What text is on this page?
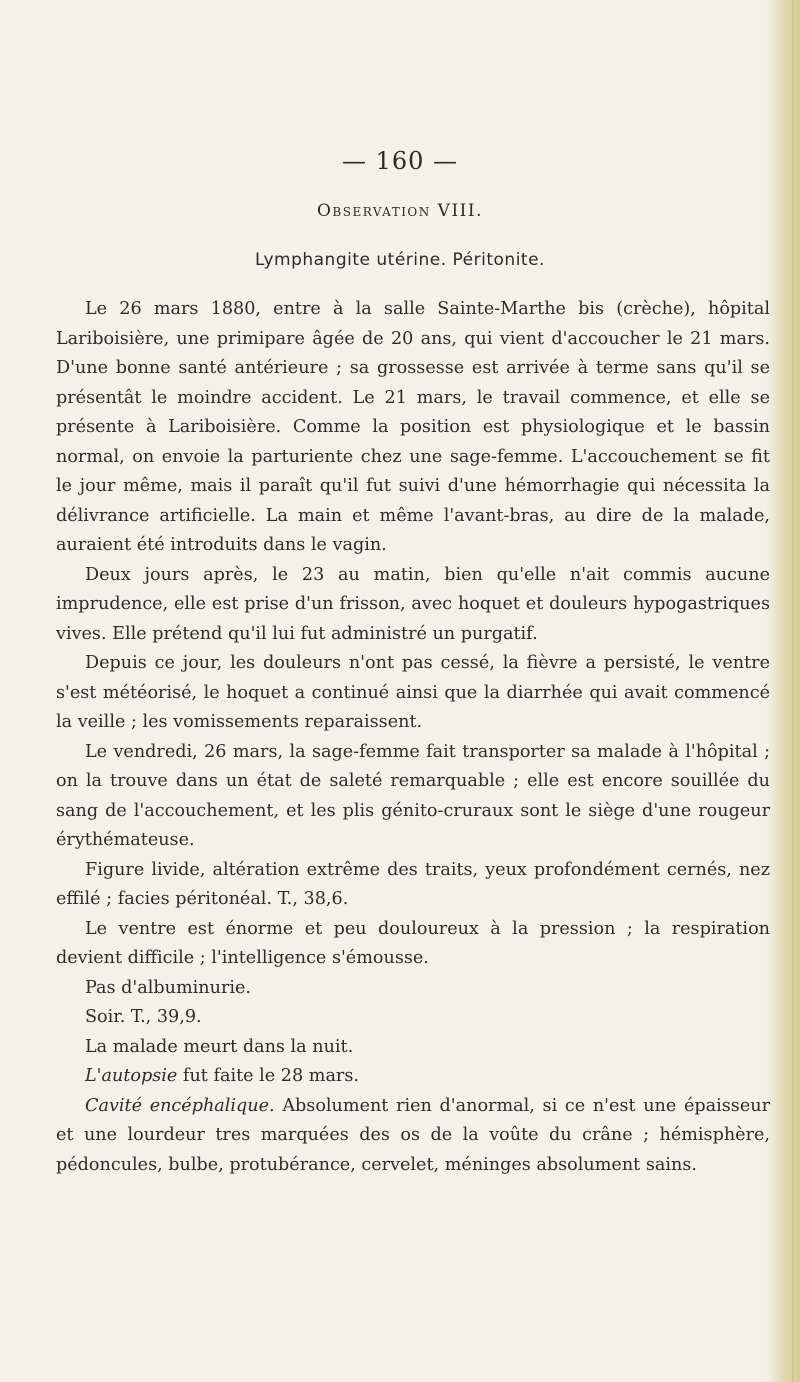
— 160 —
Observation VIII.
Lymphangite utérine. Péritonite.

Le 26 mars 1880, entre à la salle Sainte-Marthe bis (crèche), hôpital Lariboisière, une primipare âgée de 20 ans, qui vient d'accoucher le 21 mars. D'une bonne santé antérieure ; sa grossesse est arrivée à terme sans qu'il se présentât le moindre accident. Le 21 mars, le travail commence, et elle se présente à Lariboisière. Comme la position est physiologique et le bassin normal, on envoie la parturiente chez une sage-femme. L'accouchement se fit le jour même, mais il paraît qu'il fut suivi d'une hémorrhagie qui nécessita la délivrance artificielle. La main et même l'avant-bras, au dire de la malade, auraient été introduits dans le vagin.

Deux jours après, le 23 au matin, bien qu'elle n'ait commis aucune imprudence, elle est prise d'un frisson, avec hoquet et douleurs hypogastriques vives. Elle prétend qu'il lui fut administré un purgatif.

Depuis ce jour, les douleurs n'ont pas cessé, la fièvre a persisté, le ventre s'est météorisé, le hoquet a continué ainsi que la diarrhée qui avait commencé la veille ; les vomissements reparaissent.

Le vendredi, 26 mars, la sage-femme fait transporter sa malade à l'hôpital ; on la trouve dans un état de saleté remarquable ; elle est encore souillée du sang de l'accouchement, et les plis génito-cruraux sont le siège d'une rougeur érythémateuse.

Figure livide, altération extrême des traits, yeux profondément cernés, nez effilé ; facies péritonéal. T., 38,6.

Le ventre est énorme et peu douloureux à la pression ; la respiration devient difficile ; l'intelligence s'émousse.

Pas d'albuminurie.

Soir. T., 39,9.

La malade meurt dans la nuit.

L'autopsie fut faite le 28 mars.

Cavité encéphalique. Absolument rien d'anormal, si ce n'est une épaisseur et une lourdeur tres marquées des os de la voûte du crâne ; hémisphère, pédoncules, bulbe, protubérance, cervelet, méninges absolument sains.
